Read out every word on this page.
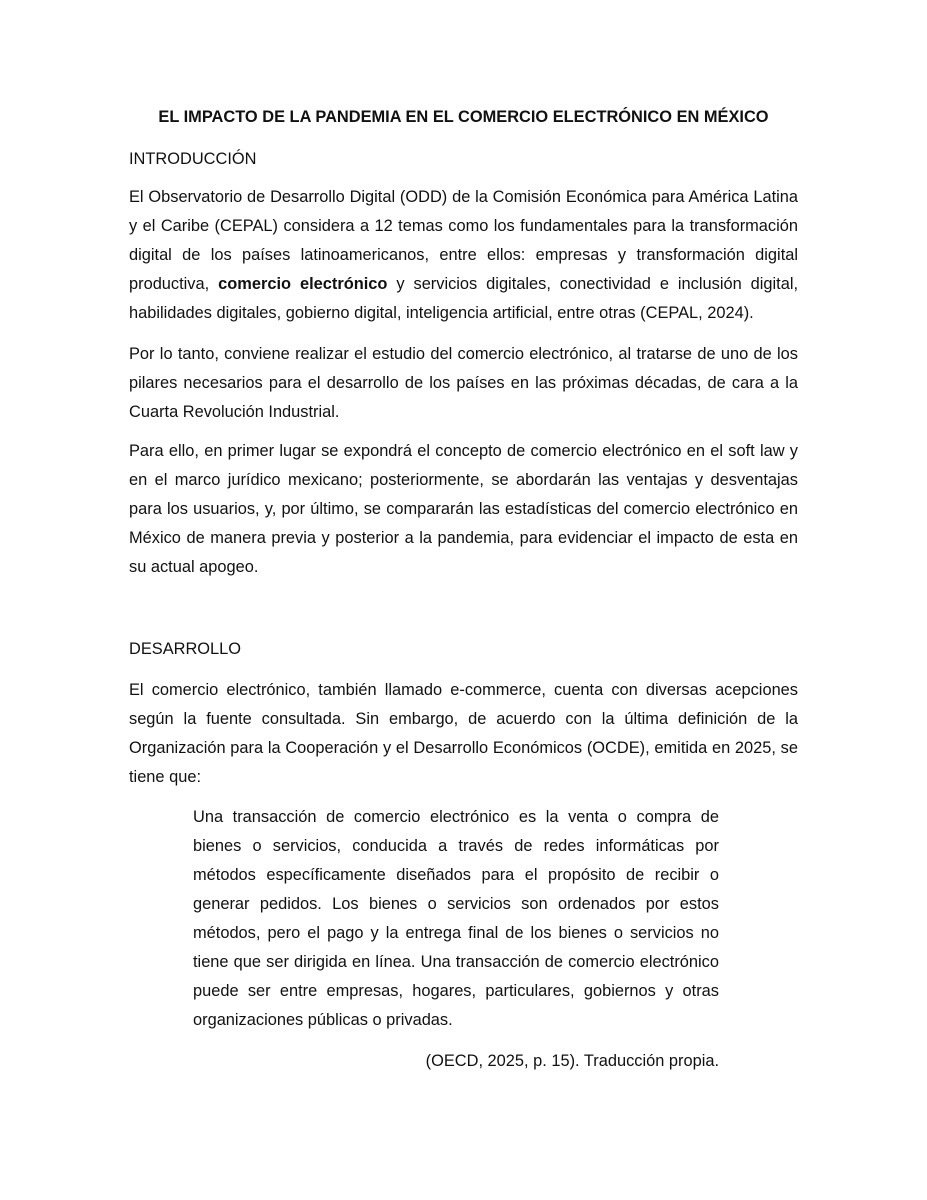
EL IMPACTO DE LA PANDEMIA EN EL COMERCIO ELECTRÓNICO EN MÉXICO
INTRODUCCIÓN
El Observatorio de Desarrollo Digital (ODD) de la Comisión Económica para América Latina y el Caribe (CEPAL) considera a 12 temas como los fundamentales para la transformación digital de los países latinoamericanos, entre ellos: empresas y transformación digital productiva, comercio electrónico y servicios digitales, conectividad e inclusión digital, habilidades digitales, gobierno digital, inteligencia artificial, entre otras (CEPAL, 2024).
Por lo tanto, conviene realizar el estudio del comercio electrónico, al tratarse de uno de los pilares necesarios para el desarrollo de los países en las próximas décadas, de cara a la Cuarta Revolución Industrial.
Para ello, en primer lugar se expondrá el concepto de comercio electrónico en el soft law y en el marco jurídico mexicano; posteriormente, se abordarán las ventajas y desventajas para los usuarios, y, por último, se compararán las estadísticas del comercio electrónico en México de manera previa y posterior a la pandemia, para evidenciar el impacto de esta en su actual apogeo.
DESARROLLO
El comercio electrónico, también llamado e-commerce, cuenta con diversas acepciones según la fuente consultada. Sin embargo, de acuerdo con la última definición de la Organización para la Cooperación y el Desarrollo Económicos (OCDE), emitida en 2025, se tiene que:
Una transacción de comercio electrónico es la venta o compra de bienes o servicios, conducida a través de redes informáticas por métodos específicamente diseñados para el propósito de recibir o generar pedidos. Los bienes o servicios son ordenados por estos métodos, pero el pago y la entrega final de los bienes o servicios no tiene que ser dirigida en línea. Una transacción de comercio electrónico puede ser entre empresas, hogares, particulares, gobiernos y otras organizaciones públicas o privadas.
(OECD, 2025, p. 15). Traducción propia.
